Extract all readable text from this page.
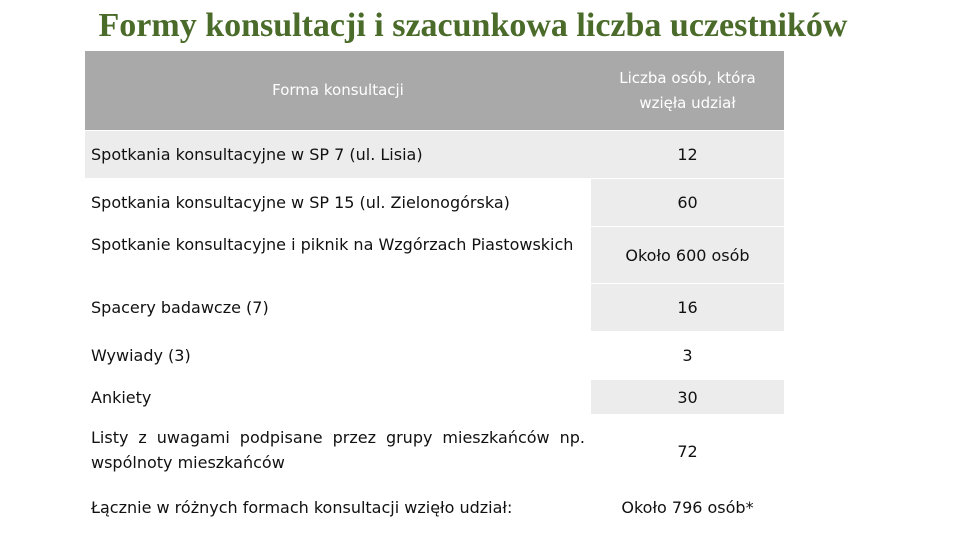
Formy konsultacji i szacunkowa liczba uczestników
Forma konsultacji	Liczba osób, która wzięła udział
Spotkania konsultacyjne w SP 7 (ul. Lisia)	12
Spotkania konsultacyjne w SP 15 (ul. Zielonogórska)	60
Spotkanie konsultacyjne i piknik na Wzgórzach Piastowskich	Około 600 osób
Spacery badawcze (7)	16
Wywiady (3)	3
Ankiety	30
Listy z uwagami podpisane przez grupy mieszkańców np. wspólnoty mieszkańców	72
Łącznie w różnych formach konsultacji wzięło udział:	Około 796 osób*
